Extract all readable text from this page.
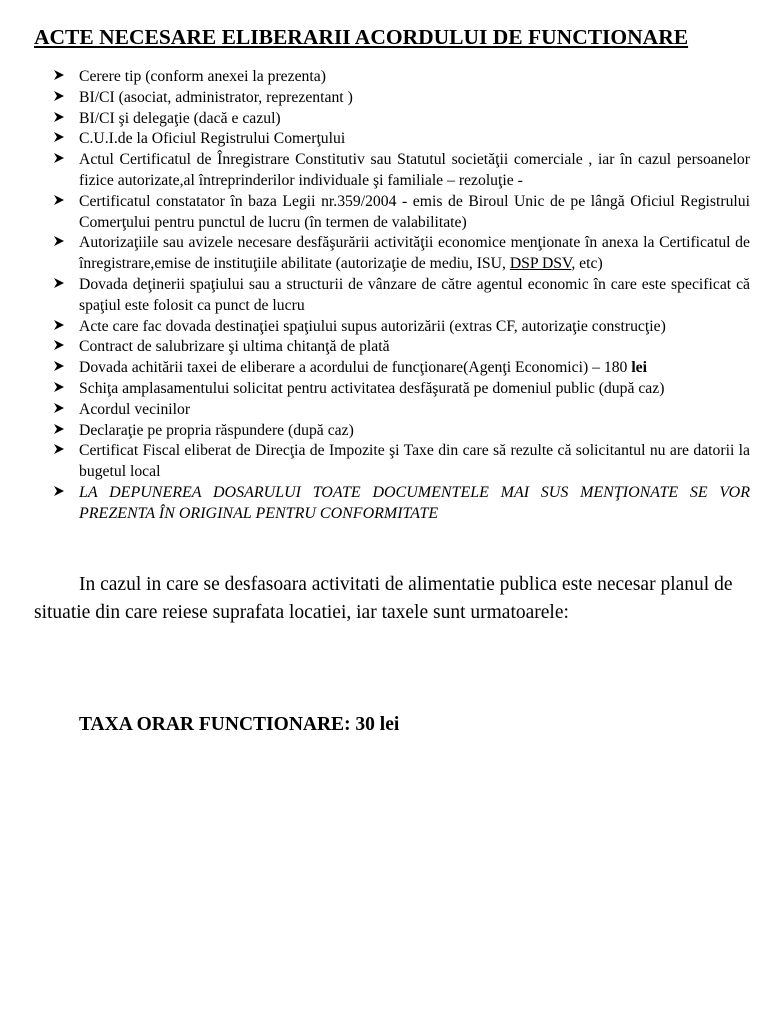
ACTE NECESARE ELIBERARII ACORDULUI DE FUNCTIONARE
Cerere tip (conform anexei la prezenta)
BI/CI (asociat, administrator, reprezentant )
BI/CI şi delegaţie (dacă e cazul)
C.U.I.de la Oficiul Registrului Comerţului
Actul Certificatul de Înregistrare Constitutiv sau Statutul societăţii comerciale , iar în cazul persoanelor fizice autorizate,al întreprinderilor individuale şi familiale – rezoluţie -
Certificatul constatator în baza Legii nr.359/2004 - emis de Biroul Unic de pe lângă Oficiul Registrului Comerţului pentru punctul de lucru (în termen de valabilitate)
Autorizaţiile sau avizele necesare desfăşurării activităţii economice menţionate în anexa la Certificatul de înregistrare,emise de instituţiile abilitate (autorizaţie de mediu, ISU, DSP DSV, etc)
Dovada deţinerii spaţiului sau a structurii de vânzare de către agentul economic în care este specificat că spaţiul este folosit ca punct de lucru
Acte care fac dovada destinaţiei spaţiului supus autorizării (extras CF, autorizaţie construcţie)
Contract de salubrizare şi ultima chitanţă de plată
Dovada achitării taxei de eliberare a acordului de funcţionare(Agenţi Economici) – 180 lei
Schiţa amplasamentului solicitat pentru activitatea desfăşurată pe domeniul public (după caz)
Acordul vecinilor
Declaraţie pe propria răspundere (după caz)
Certificat Fiscal eliberat de Direcţia de Impozite şi Taxe din care să rezulte că solicitantul nu are datorii la bugetul local
LA DEPUNEREA DOSARULUI TOATE DOCUMENTELE MAI SUS MENŢIONATE SE VOR PREZENTA ÎN ORIGINAL PENTRU CONFORMITATE

In cazul in care se desfasoara activitati de alimentatie publica este necesar planul de situatie din care reiese suprafata locatiei, iar taxele sunt urmatoarele:

TAXA ORAR FUNCTIONARE: 30 lei
